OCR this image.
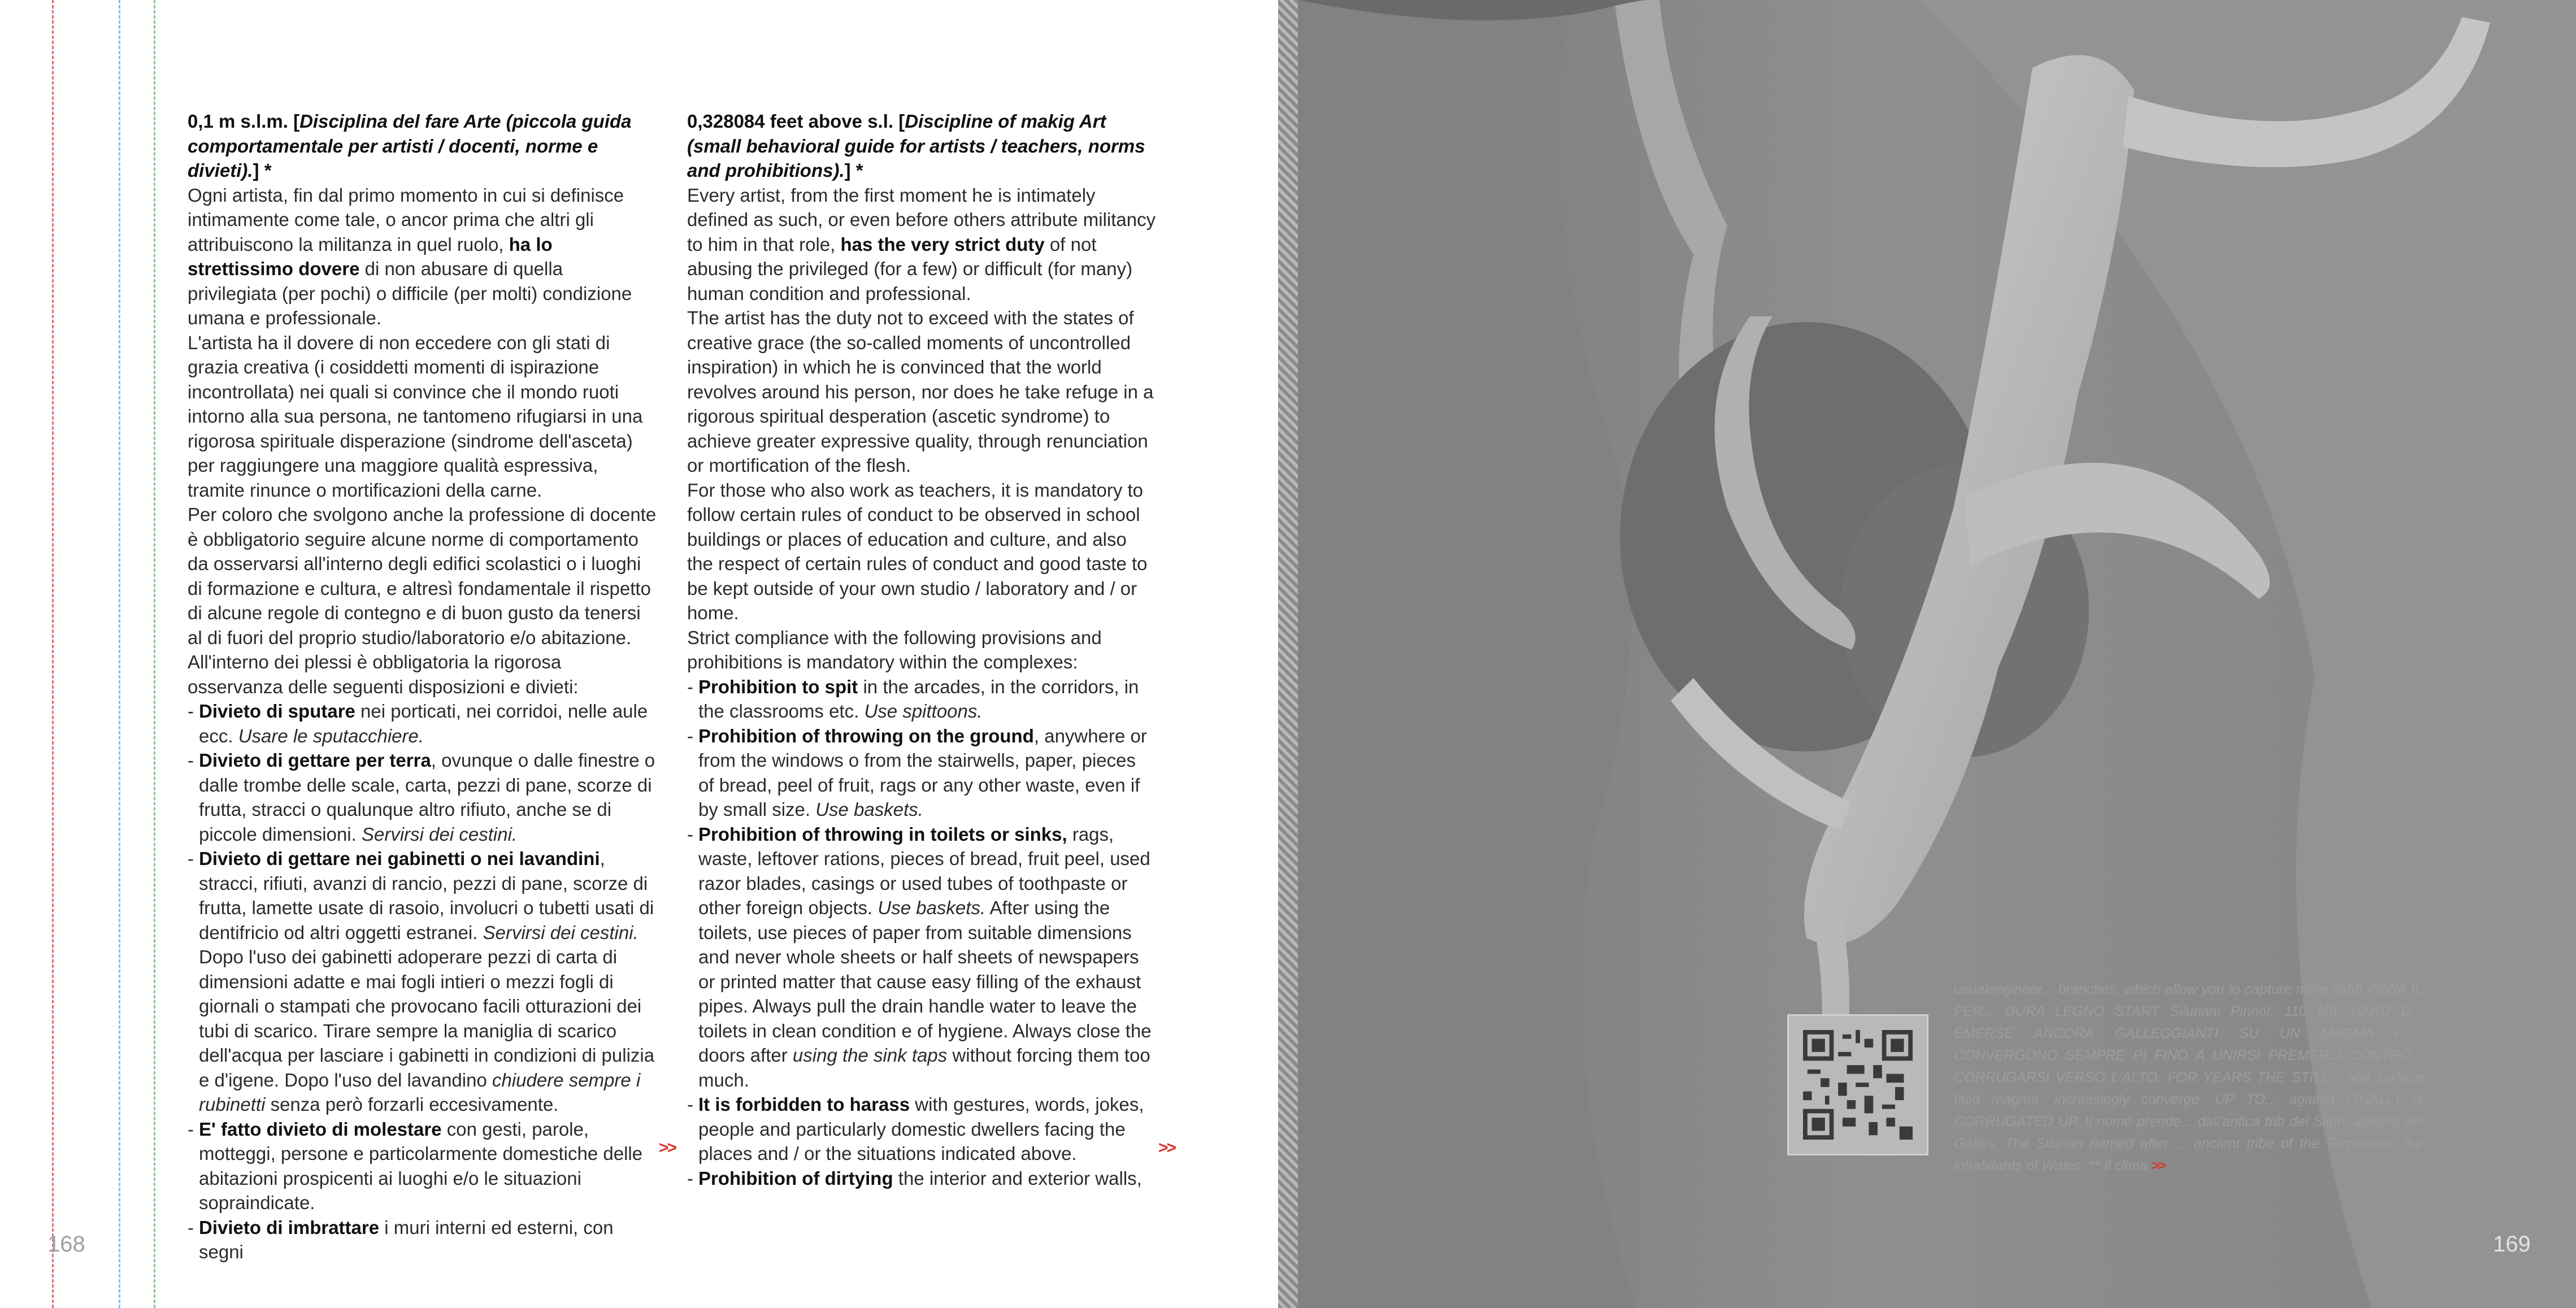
0,1 m s.l.m. [Disciplina del fare Arte (piccola guida comportamentale per artisti / docenti, norme e divieti).] *

Ogni artista, fin dal primo momento in cui si definisce intimamente come tale, o ancor prima che altri gli attribuiscono la militanza in quel ruolo, ha lo strettissimo dovere di non abusare di quella privilegiata (per pochi) o difficile (per molti) condizione umana e professionale.

L'artista ha il dovere di non eccedere con gli stati di grazia creativa (i cosiddetti momenti di ispirazione incontrollata) nei quali si convince che il mondo ruoti intorno alla sua persona, ne tantomeno rifugiarsi in una rigorosa spirituale disperazione (sindrome dell'asceta) per raggiungere una maggiore qualità espressiva, tramite rinunce o mortificazioni della carne.

Per coloro che svolgono anche la professione di docente è obbligatorio seguire alcune norme di comportamento da osservarsi all'interno degli edifici scolastici o i luoghi di formazione e cultura, e altresì fondamentale il rispetto di alcune regole di contegno e di buon gusto da tenersi al di fuori del proprio studio/laboratorio e/o abitazione.

All'interno dei plessi è obbligatoria la rigorosa osservanza delle seguenti disposizioni e divieti:

- Divieto di sputare nei porticati, nei corridoi, nelle aule ecc. Usare le sputacchiere.
- Divieto di gettare per terra, ovunque o dalle finestre o dalle trombe delle scale, carta, pezzi di pane, scorze di frutta, stracci o qualunque altro rifiuto, anche se di piccole dimensioni. Servirsi dei cestini.
- Divieto di gettare nei gabinetti o nei lavandini, stracci, rifiuti, avanzi di rancio, pezzi di pane, scorze di frutta, lamette usate di rasoio, involucri o tubetti usati di dentifricio od altri oggetti estranei. Servirsi dei cestini. Dopo l'uso dei gabinetti adoperare pezzi di carta di dimensioni adatte e mai fogli intieri o mezzi fogli di giornali o stampati che provocano facili otturazioni dei tubi di scarico. Tirare sempre la maniglia di scarico dell'acqua per lasciare i gabinetti in condizioni di pulizia e d'igene. Dopo l'uso del lavandino chiudere sempre i rubinetti senza però forzarli eccesivamente.
- E' fatto divieto di molestare con gesti, parole, motteggi, persone e particolarmente domestiche delle abitazioni prospicenti ai luoghi e/o le situazioni sopraindicate.
- Divieto di imbrattare i muri interni ed esterni, con segni
>>

0,328084 feet above s.l. [Discipline of makig Art (small behavioral guide for artists / teachers, norms and prohibitions).] *

Every artist, from the first moment he is intimately defined as such, or even before others attribute militancy to him in that role, has the very strict duty of not abusing the privileged (for a few) or difficult (for many) human condition and professional.

The artist has the duty not to exceed with the states of creative grace (the so-called moments of uncontrolled inspiration) in which he is convinced that the world revolves around his person, nor does he take refuge in a rigorous spiritual desperation (ascetic syndrome) to achieve greater expressive quality, through renunciation or mortification of the flesh.

For those who also work as teachers, it is mandatory to follow certain rules of conduct to be observed in school buildings or places of education and culture, and also the respect of certain rules of conduct and good taste to be kept outside of your own studio / laboratory and / or home.

Strict compliance with the following provisions and prohibitions is mandatory within the complexes:

- Prohibition to spit in the arcades, in the corridors, in the classrooms etc. Use spittoons.
- Prohibition of throwing on the ground, anywhere or from the windows o from the stairwells, paper, pieces of bread, peel of fruit, rags or any other waste, even if by small size. Use baskets.
- Prohibition of throwing in toilets or sinks, rags, waste, leftover rations, pieces of bread, fruit peel, used razor blades, casings or used tubes of toothpaste or other foreign objects. Use baskets. After using the toilets, use pieces of paper from suitable dimensions and never whole sheets or half sheets of newspapers or printed matter that cause easy filling of the exhaust pipes. Always pull the drain handle water to leave the toilets in clean condition e of hygiene. Always close the doors after using the sink taps without forcing them too much.
- It is forbidden to harass with gestures, words, jokes, people and particularly domestic dwellers facing the places and / or the situations indicated above.
- Prohibition of dirtying the interior and exterior walls,
>>
168
usualengineer... branches, which allow you to capture more light) INIZIA IL PER... DURA LEGNO START Siluriani Pinnol, 110 MIL HARD D... EMERSE ANCORA GALLEGGIANTI SU UN MAGMA FL... CONVERGONO SEMPRE PI FINO A UNIRSI PREMERSI CONTRO... CORRUGARSI VERSO L'ALTO. FOR YEARS THE STILL... and surface fluid magma, increasingly converge, UP TO... against FINALLY A CORRUGATED UP. Il nome prende... dall'antica trib dei Siluri, abitanti del Galles. The Silurian named after ... ancient tribe of the Torpedoes, the inhabitants of Wales. ** Il clima >>
169
